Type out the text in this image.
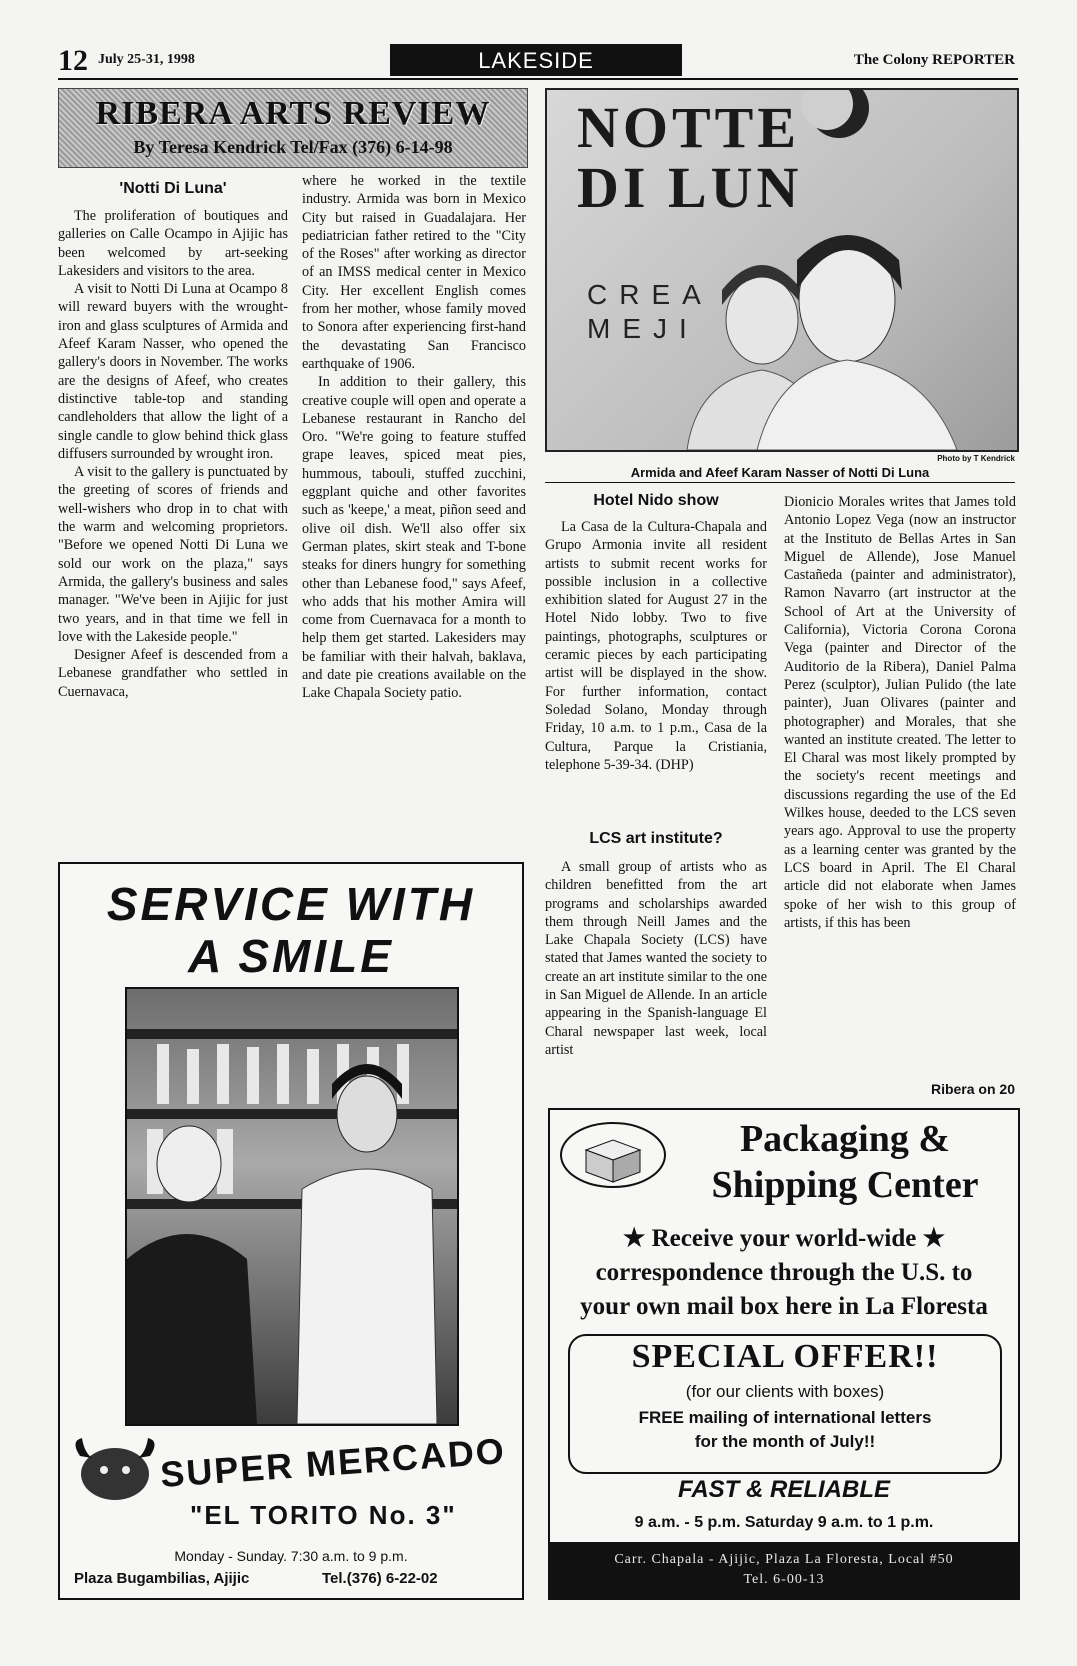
12 July 25-31, 1998	LAKESIDE	The Colony REPORTER
RIBERA ARTS REVIEW
By Teresa Kendrick Tel/Fax (376) 6-14-98
'Notti Di Luna'

The proliferation of boutiques and galleries on Calle Ocampo in Ajijic has been welcomed by art-seeking Lakesiders and visitors to the area.

A visit to Notti Di Luna at Ocampo 8 will reward buyers with the wrought-iron and glass sculptures of Armida and Afeef Karam Nasser, who opened the gallery's doors in November. The works are the designs of Afeef, who creates distinctive table-top and standing candleholders that allow the light of a single candle to glow behind thick glass diffusers surrounded by wrought iron.

A visit to the gallery is punctuated by the greeting of scores of friends and well-wishers who drop in to chat with the warm and welcoming proprietors. "Before we opened Notti Di Luna we sold our work on the plaza," says Armida, the gallery's business and sales manager. "We've been in Ajijic for just two years, and in that time we fell in love with the Lakeside people."

Designer Afeef is descended from a Lebanese grandfather who settled in Cuernavaca,

where he worked in the textile industry. Armida was born in Mexico City but raised in Guadalajara. Her pediatrician father retired to the "City of the Roses" after working as director of an IMSS medical center in Mexico City. Her excellent English comes from her mother, whose family moved to Sonora after experiencing first-hand the devastating San Francisco earthquake of 1906.

In addition to their gallery, this creative couple will open and operate a Lebanese restaurant in Rancho del Oro. "We're going to feature stuffed grape leaves, spiced meat pies, hummous, tabouli, stuffed zucchini, eggplant quiche and other favorites such as 'keepe,' a meat, piñon seed and olive oil dish. We'll also offer six German plates, skirt steak and T-bone steaks for diners hungry for something other than Lebanese food," says Afeef, who adds that his mother Amira will come from Cuernavaca for a month to help them get started. Lakesiders may be familiar with their halvah, baklava, and date pie creations available on the Lake Chapala Society patio.

NOTTE
DI LUN
CREA
MEJI
Photo by T Kendrick
Armida and Afeef Karam Nasser of Notti Di Luna
Hotel Nido show

La Casa de la Cultura-Chapala and Grupo Armonia invite all resident artists to submit recent works for possible inclusion in a collective exhibition slated for August 27 in the Hotel Nido lobby. Two to five paintings, photographs, sculptures or ceramic pieces by each participating artist will be displayed in the show. For further information, contact Soledad Solano, Monday through Friday, 10 a.m. to 1 p.m., Casa de la Cultura, Parque la Cristiania, telephone 5-39-34. (DHP)

LCS art institute?

A small group of artists who as children benefitted from the art programs and scholarships awarded them through Neill James and the Lake Chapala Society (LCS) have stated that James wanted the society to create an art institute similar to the one in San Miguel de Allende. In an article appearing in the Spanish-language El Charal newspaper last week, local artist

Dionicio Morales writes that James told Antonio Lopez Vega (now an instructor at the Instituto de Bellas Artes in San Miguel de Allende), Jose Manuel Castañeda (painter and administrator), Ramon Navarro (art instructor at the School of Art at the University of California), Victoria Corona Corona Vega (painter and Director of the Auditorio de la Ribera), Daniel Palma Perez (sculptor), Julian Pulido (the late painter), Juan Olivares (painter and photographer) and Morales, that she wanted an institute created. The letter to El Charal was most likely prompted by the society's recent meetings and discussions regarding the use of the Ed Wilkes house, deeded to the LCS seven years ago. Approval to use the property as a learning center was granted by the LCS board in April. The El Charal article did not elaborate when James spoke of her wish to this group of artists, if this has been

Ribera on 20
SERVICE WITH
A SMILE
SUPER MERCADO
"EL TORITO No. 3"
Monday - Sunday. 7:30 a.m. to 9 p.m.
Plaza Bugambilias, Ajijic	Tel.(376) 6-22-02
Packaging &
Shipping Center
★ Receive your world-wide ★
correspondence through the U.S. to
your own mail box here in La Floresta
SPECIAL OFFER!!
(for our clients with boxes)
FREE mailing of international letters
for the month of July!!
FAST & RELIABLE
9 a.m. - 5 p.m. Saturday 9 a.m. to 1 p.m.
Carr. Chapala - Ajijic, Plaza La Floresta, Local #50
Tel. 6-00-13
